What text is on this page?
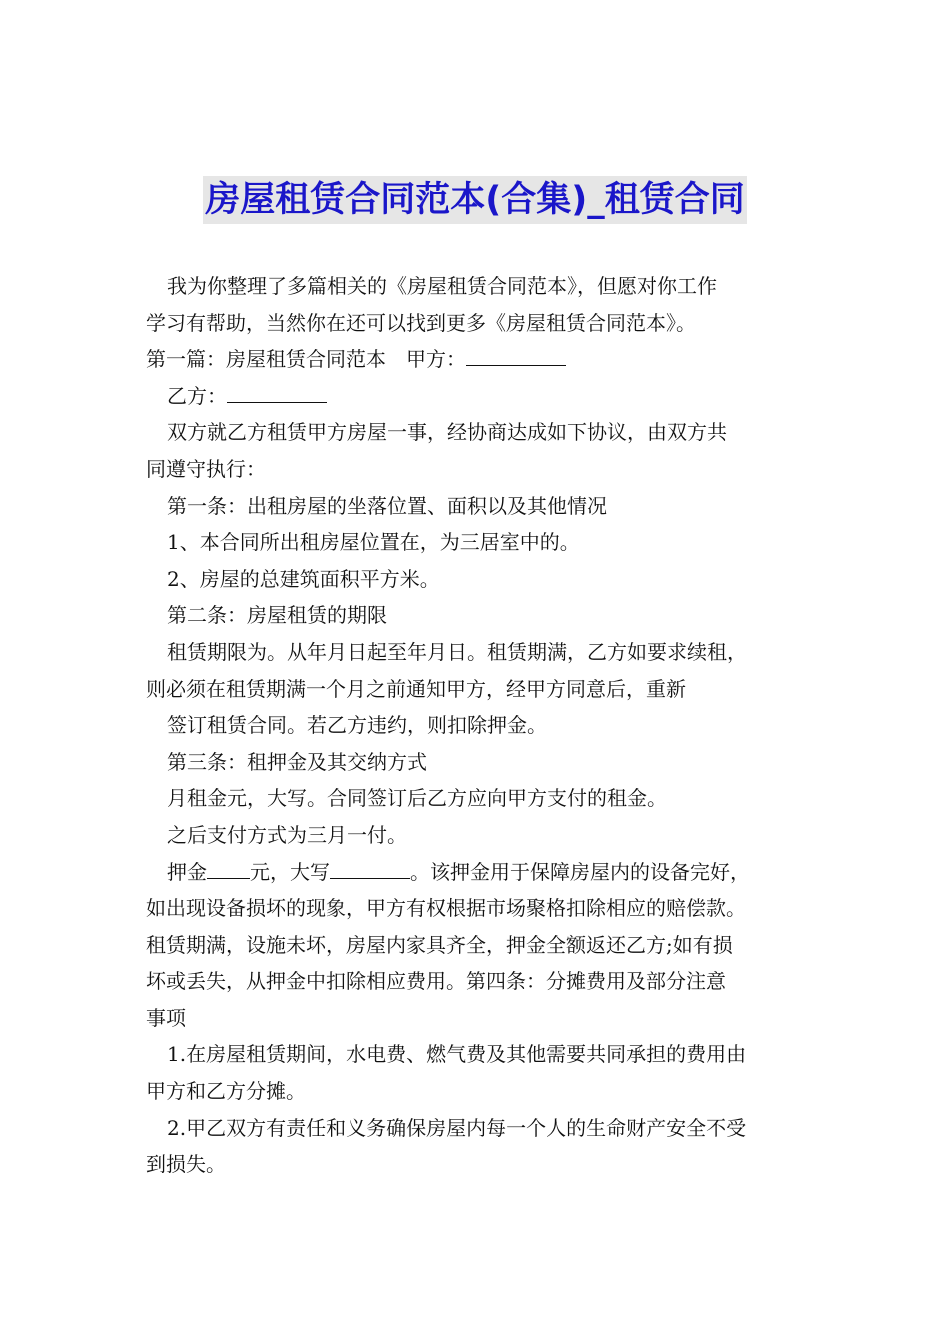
房屋租赁合同范本(合集)_租赁合同

我为你整理了多篇相关的《房屋租赁合同范本》，但愿对你工作

学习有帮助，当然你在还可以找到更多《房屋租赁合同范本》。

第一篇：房屋租赁合同范本　甲方：

乙方：

双方就乙方租赁甲方房屋一事，经协商达成如下协议，由双方共

同遵守执行：

第一条：出租房屋的坐落位置、面积以及其他情况

1、本合同所出租房屋位置在，为三居室中的。

2、房屋的总建筑面积平方米。

第二条：房屋租赁的期限

租赁期限为。从年月日起至年月日。租赁期满，乙方如要求续租，

则必须在租赁期满一个月之前通知甲方，经甲方同意后，重新

签订租赁合同。若乙方违约，则扣除押金。

第三条：租押金及其交纳方式

月租金元，大写。合同签订后乙方应向甲方支付的租金。

之后支付方式为三月一付。

押金 元，大写	。该押金用于保障房屋内的设备完好，

如出现设备损坏的现象，甲方有权根据市场聚格扣除相应的赔偿款。

租赁期满，设施未坏，房屋内家具齐全，押金全额返还乙方;如有损

坏或丢失，从押金中扣除相应费用。第四条：分摊费用及部分注意

事项

1.在房屋租赁期间，水电费、燃气费及其他需要共同承担的费用由

甲方和乙方分摊。

2.甲乙双方有责任和义务确保房屋内每一个人的生命财产安全不受

到损失。
